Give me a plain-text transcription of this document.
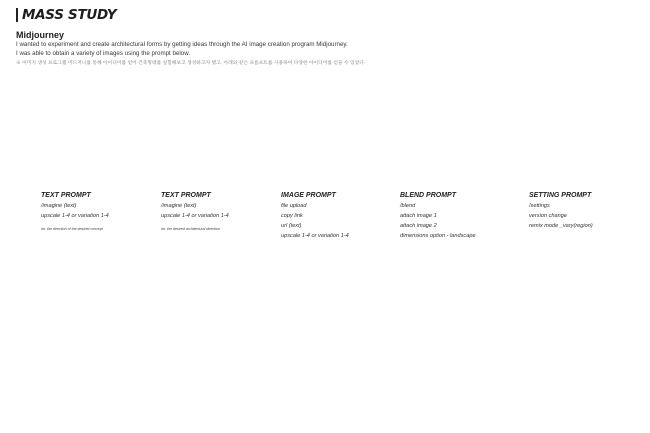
MASS STUDY
Midjourney
I wanted to experiment and create architectural forms by getting ideas through the AI image creation program Midjourney.
I was able to obtain a variety of images using the prompt below.
※ 이미지 생성 프로그램 미드저니를 통해 아이디어를 얻어 건축형태를 실험해보고 생성하고자 했고, 아래와 같은 프롬프트를 사용하여 다양한 아이디어를 얻을 수 있었다.
TEXT PROMPT
/imagine (text)
upscale 1-4 or variation 1-4
#n: the direction of the desired concept
TEXT PROMPT
/imagine (text)
upscale 1-4 or variation 1-4
#n: the desired architectural direction
IMAGE PROMPT
file upload
copy link
url (text)
upscale 1-4 or variation 1-4
BLEND PROMPT
/blend
attach image 1
attach image 2
dimensions option - landscape
SETTING PROMPT
/settings
version change
remix mode _vary(region)
